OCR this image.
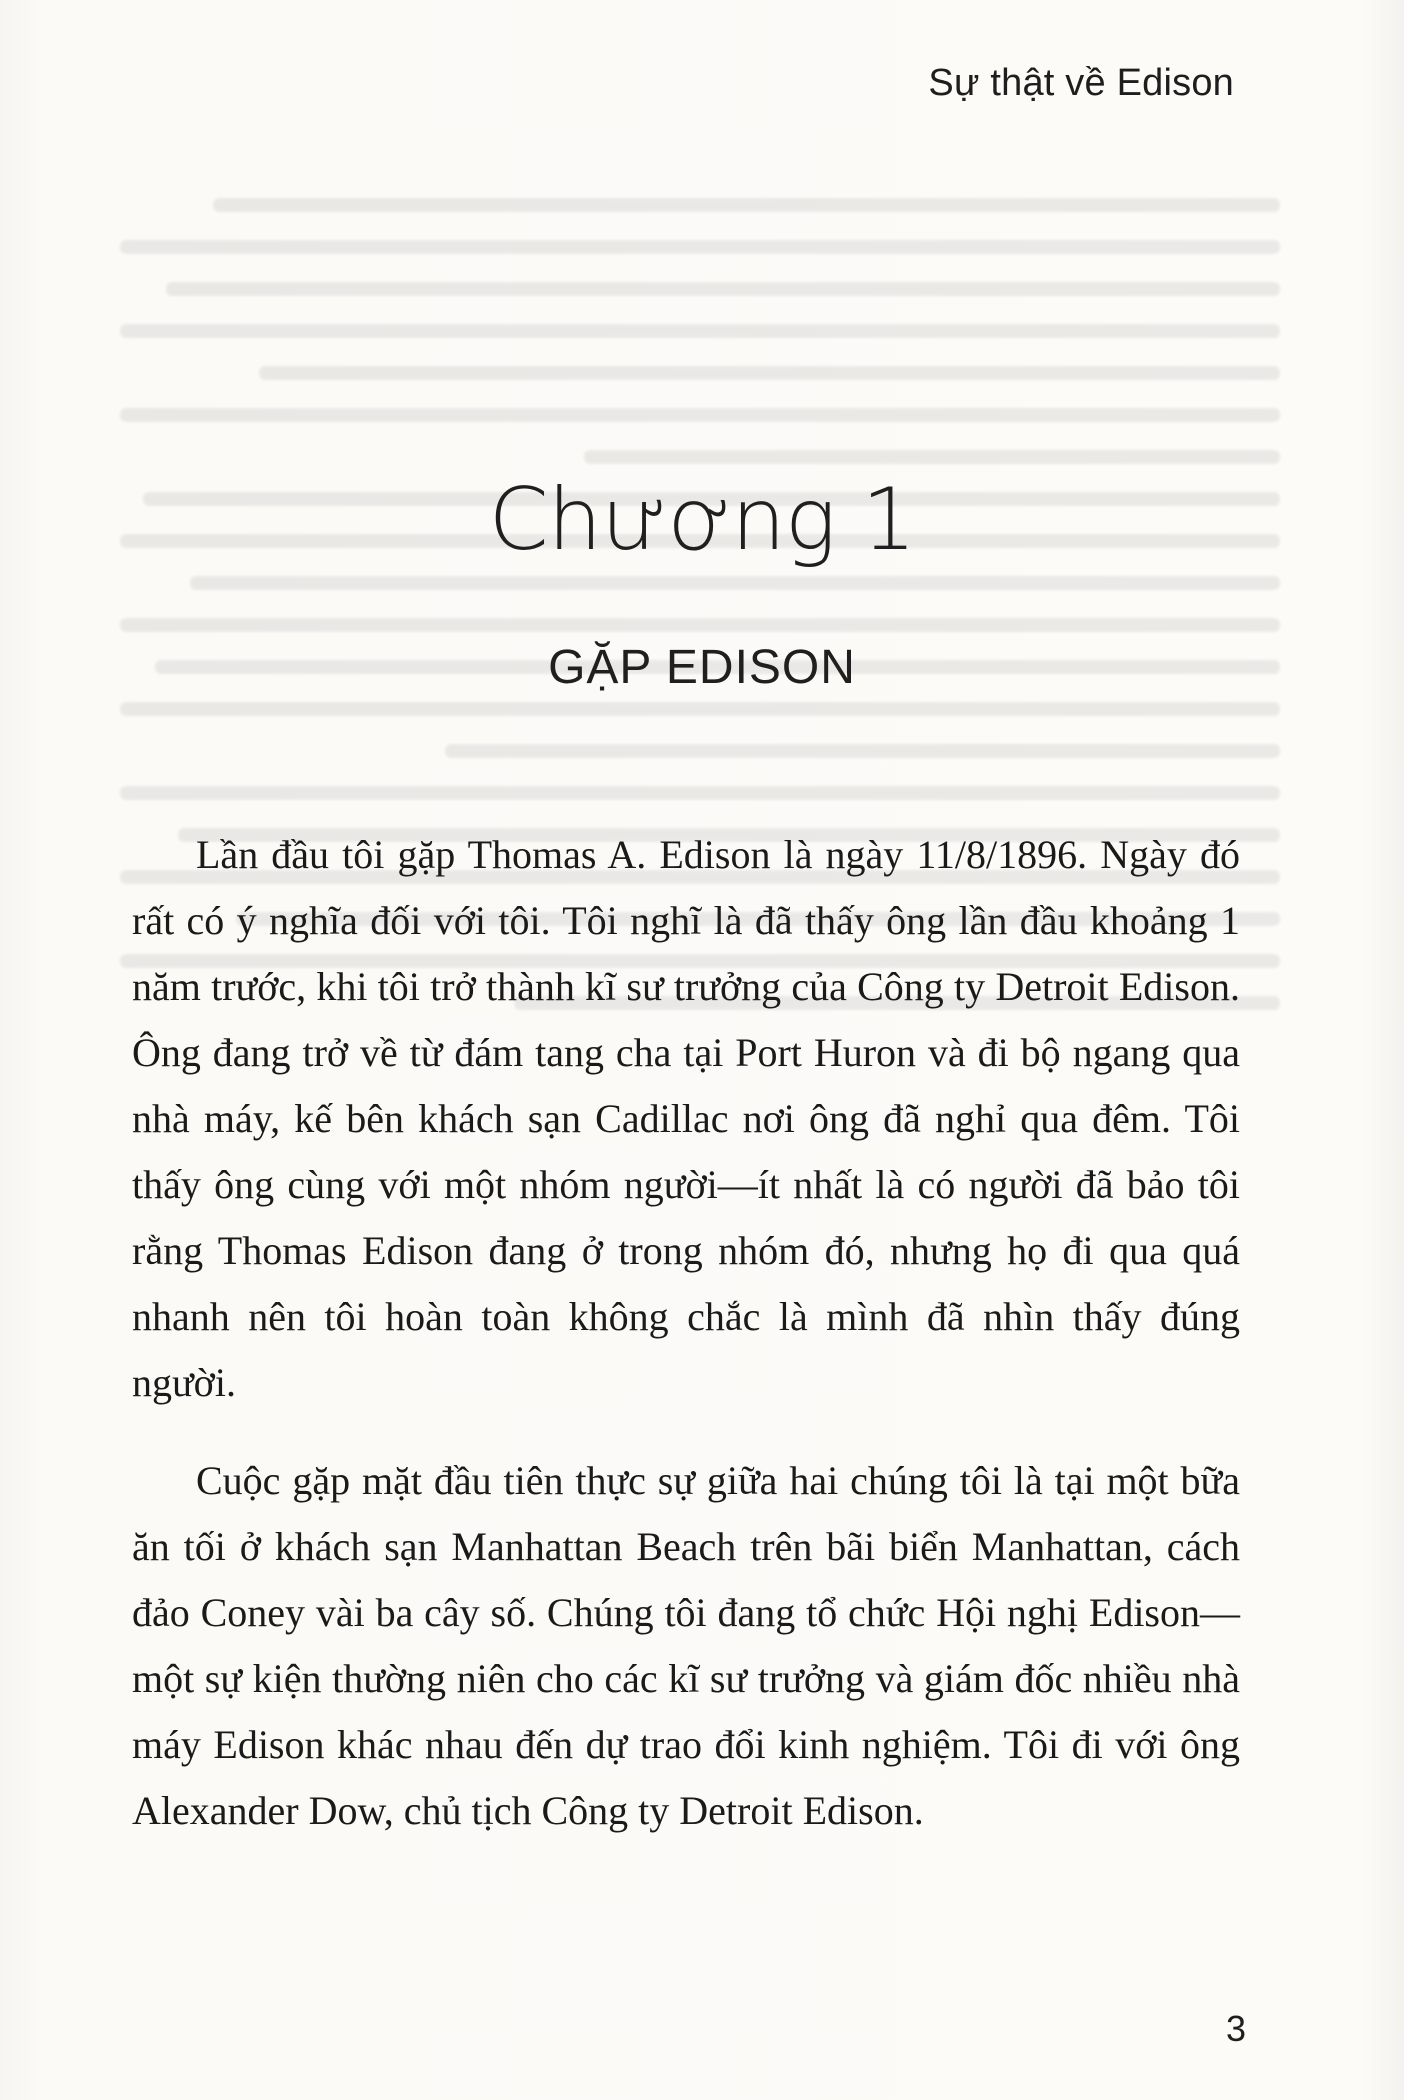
Sự thật về Edison
Chương 1
GẶP EDISON

Lần đầu tôi gặp Thomas A. Edison là ngày 11/8/1896. Ngày đó rất có ý nghĩa đối với tôi. Tôi nghĩ là đã thấy ông lần đầu khoảng 1 năm trước, khi tôi trở thành kĩ sư trưởng của Công ty Detroit Edison. Ông đang trở về từ đám tang cha tại Port Huron và đi bộ ngang qua nhà máy, kế bên khách sạn Cadillac nơi ông đã nghỉ qua đêm. Tôi thấy ông cùng với một nhóm người—ít nhất là có người đã bảo tôi rằng Thomas Edison đang ở trong nhóm đó, nhưng họ đi qua quá nhanh nên tôi hoàn toàn không chắc là mình đã nhìn thấy đúng người.

Cuộc gặp mặt đầu tiên thực sự giữa hai chúng tôi là tại một bữa ăn tối ở khách sạn Manhattan Beach trên bãi biển Manhattan, cách đảo Coney vài ba cây số. Chúng tôi đang tổ chức Hội nghị Edison—một sự kiện thường niên cho các kĩ sư trưởng và giám đốc nhiều nhà máy Edison khác nhau đến dự trao đổi kinh nghiệm. Tôi đi với ông Alexander Dow, chủ tịch Công ty Detroit Edison.

3
